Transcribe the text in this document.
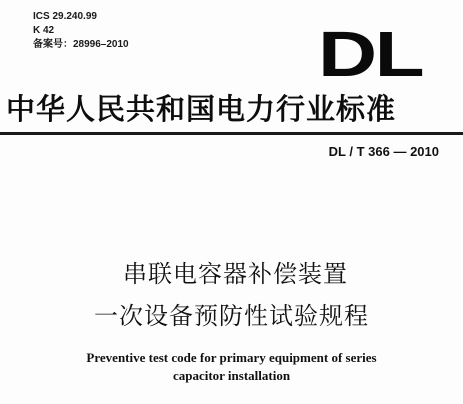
ICS 29.240.99
K 42
备案号：28996–2010	DL
中华人民共和国电力行业标准
DL / T 366 — 2010
串联电容器补偿装置
一次设备预防性试验规程
Preventive test code for primary equipment of series
capacitor installation
